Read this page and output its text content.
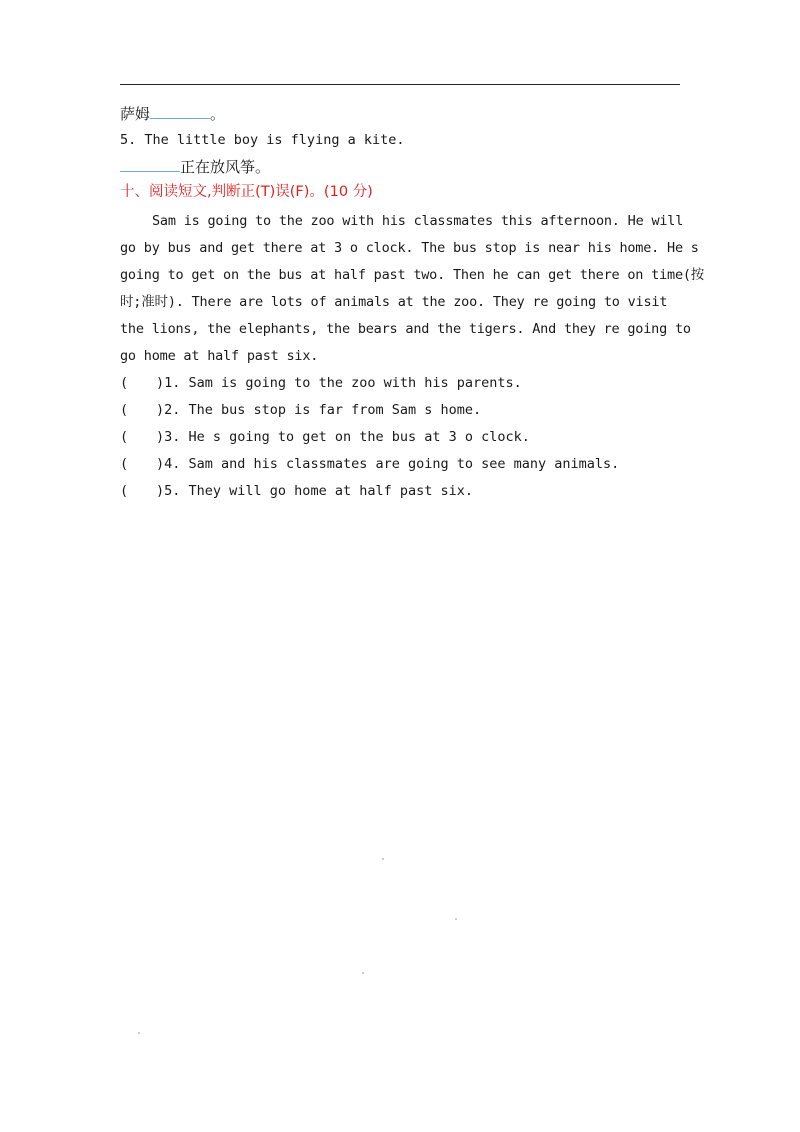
萨姆	。
5. The little boy is flying a kite.
正在放风筝。
十、阅读短文,判断正(T)误(F)。(10 分)
Sam is going to the zoo with his classmates this afternoon. He will
go by bus and get there at 3 o clock. The bus stop is near his home. He s
going to get on the bus at half past two. Then he can get there on time(按
时;准时). There are lots of animals at the zoo. They re going to visit
the lions, the elephants, the bears and the tigers. And they re going to
go home at half past six.
( )1. Sam is going to the zoo with his parents.
( )2. The bus stop is far from Sam s home.
( )3. He s going to get on the bus at 3 o clock.
( )4. Sam and his classmates are going to see many animals.
( )5. They will go home at half past six.
